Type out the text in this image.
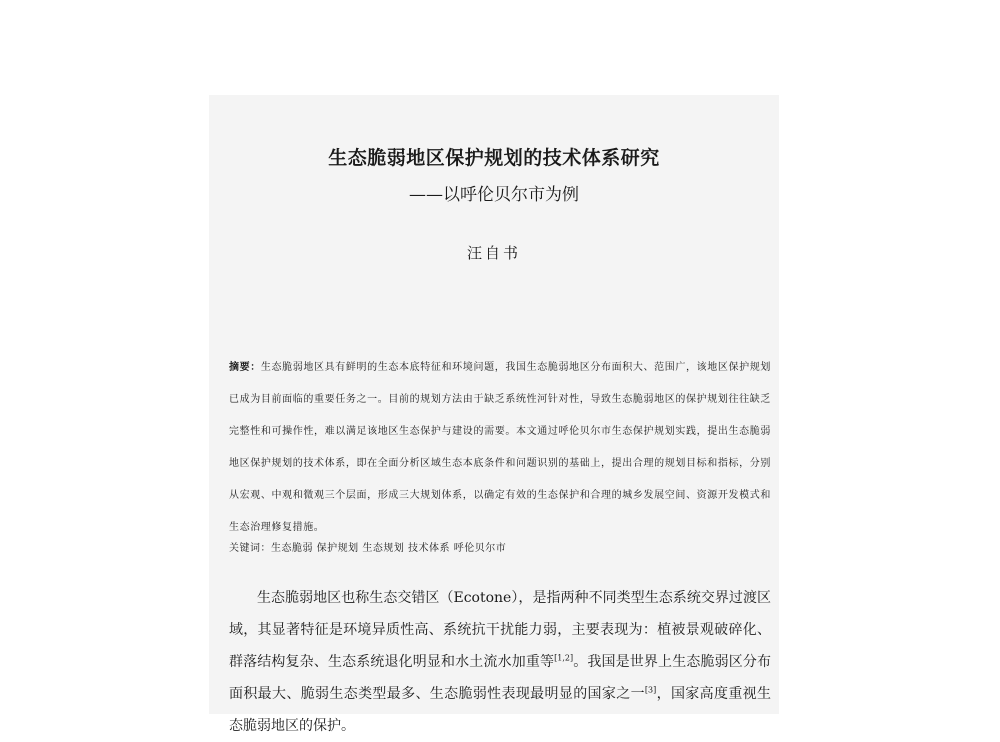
生态脆弱地区保护规划的技术体系研究
——以呼伦贝尔市为例
汪自书

摘要：生态脆弱地区具有鲜明的生态本底特征和环境问题，我国生态脆弱地区分布面积大、范围广，该地区保护规划已成为目前面临的重要任务之一。目前的规划方法由于缺乏系统性河针对性，导致生态脆弱地区的保护规划往往缺乏完整性和可操作性，难以满足该地区生态保护与建设的需要。本文通过呼伦贝尔市生态保护规划实践，提出生态脆弱地区保护规划的技术体系，即在全面分析区域生态本底条件和问题识别的基础上，提出合理的规划目标和指标，分别从宏观、中观和微观三个层面，形成三大规划体系，以确定有效的生态保护和合理的城乡发展空间、资源开发模式和生态治理修复措施。

关键词：生态脆弱 保护规划 生态规划 技术体系 呼伦贝尔市

生态脆弱地区也称生态交错区（Ecotone），是指两种不同类型生态系统交界过渡区域，其显著特征是环境异质性高、系统抗干扰能力弱，主要表现为：植被景观破碎化、群落结构复杂、生态系统退化明显和水土流水加重等[1,2]。我国是世界上生态脆弱区分布面积最大、脆弱生态类型最多、生态脆弱性表现最明显的国家之一[3]，国家高度重视生态脆弱地区的保护。
